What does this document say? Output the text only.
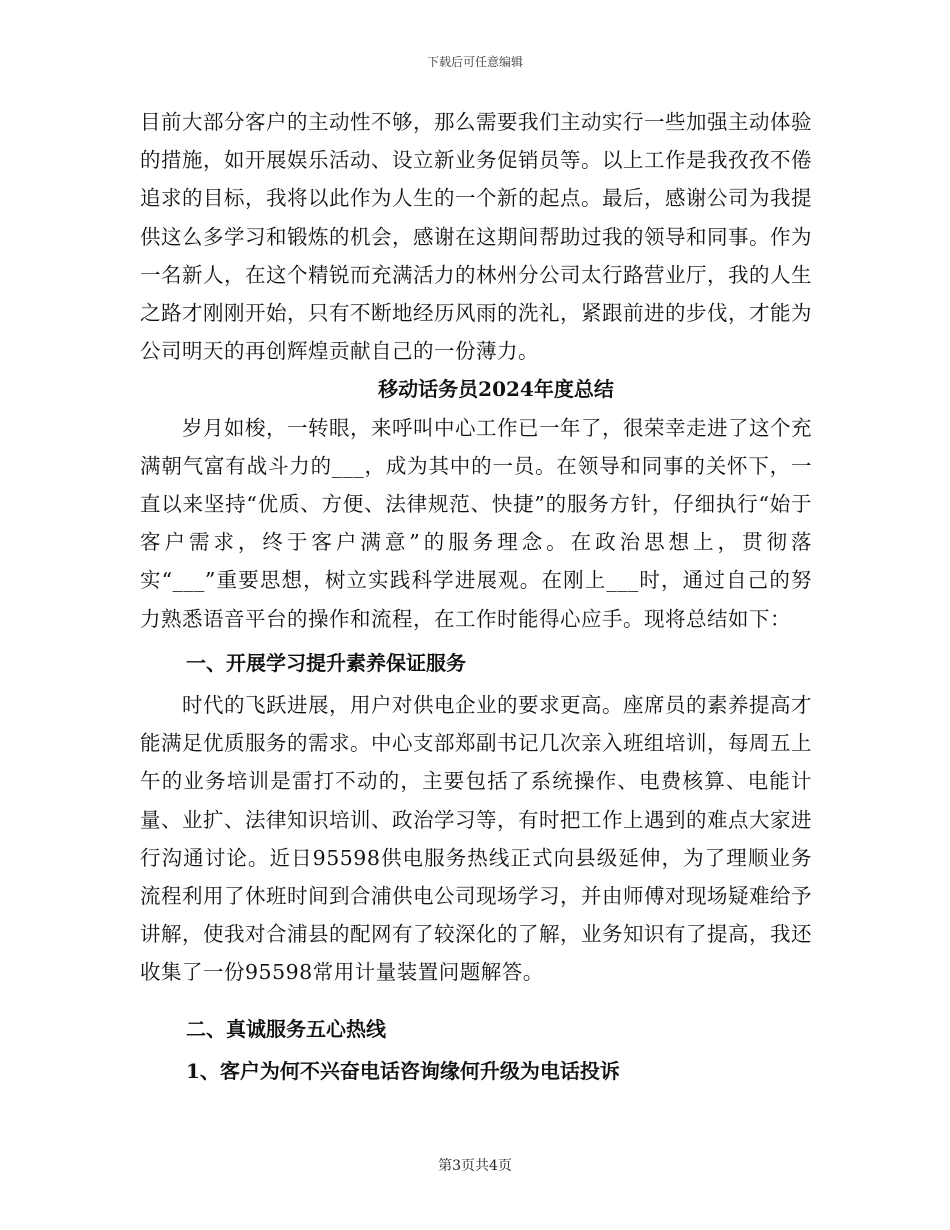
下载后可任意编辑

目前大部分客户的主动性不够，那么需要我们主动实行一些加强主动体验的措施，如开展娱乐活动、设立新业务促销员等。以上工作是我孜孜不倦追求的目标，我将以此作为人生的一个新的起点。最后，感谢公司为我提供这么多学习和锻炼的机会，感谢在这期间帮助过我的领导和同事。作为一名新人，在这个精锐而充满活力的林州分公司太行路营业厅，我的人生之路才刚刚开始，只有不断地经历风雨的洗礼，紧跟前进的步伐，才能为公司明天的再创辉煌贡献自己的一份薄力。

移动话务员2024年度总结

岁月如梭，一转眼，来呼叫中心工作已一年了，很荣幸走进了这个充满朝气富有战斗力的___，成为其中的一员。在领导和同事的关怀下，一直以来坚持“优质、方便、法律规范、快捷”的服务方针，仔细执行“始于客户需求，终于客户满意”的服务理念。在政治思想上，贯彻落实“___”重要思想，树立实践科学进展观。在刚上___时，通过自己的努力熟悉语音平台的操作和流程，在工作时能得心应手。现将总结如下：

一、开展学习提升素养保证服务

时代的飞跃进展，用户对供电企业的要求更高。座席员的素养提高才能满足优质服务的需求。中心支部郑副书记几次亲入班组培训，每周五上午的业务培训是雷打不动的，主要包括了系统操作、电费核算、电能计量、业扩、法律知识培训、政治学习等，有时把工作上遇到的难点大家进行沟通讨论。近日95598供电服务热线正式向县级延伸，为了理顺业务流程利用了休班时间到合浦供电公司现场学习，并由师傅对现场疑难给予讲解，使我对合浦县的配网有了较深化的了解，业务知识有了提高，我还收集了一份95598常用计量装置问题解答。

二、真诚服务五心热线

1、客户为何不兴奋电话咨询缘何升级为电话投诉

第3页共4页
